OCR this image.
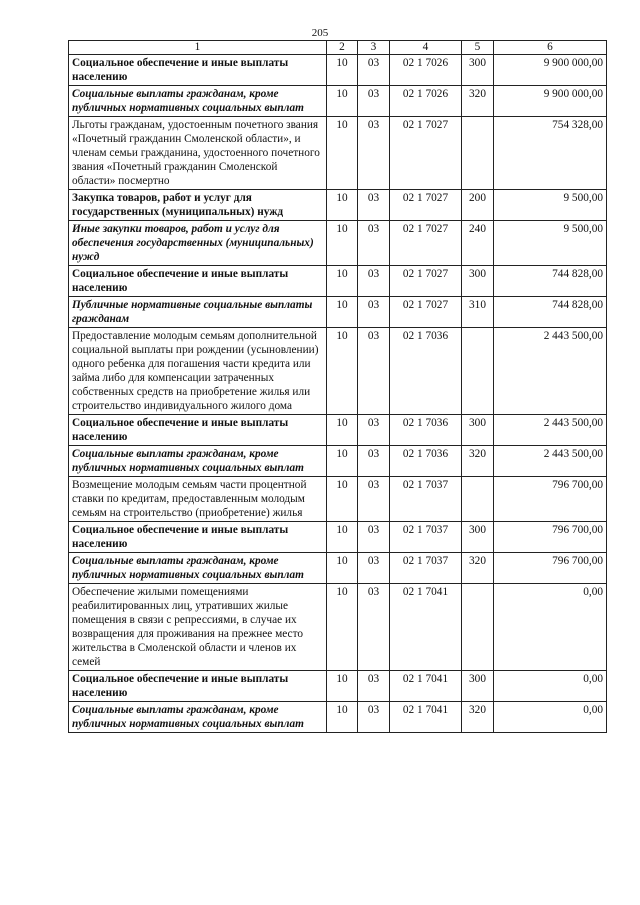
205
1	2	3	4	5	6
Социальное обеспечение и иные выплаты населению	10	03	02 1 7026	300	9 900 000,00
Социальные выплаты гражданам, кроме публичных нормативных социальных выплат	10	03	02 1 7026	320	9 900 000,00
Льготы гражданам, удостоенным почетного звания «Почетный гражданин Смоленской области», и членам семьи гражданина, удостоенного почетного звания «Почетный гражданин Смоленской области» посмертно	10	03	02 1 7027		754 328,00
Закупка товаров, работ и услуг для государственных (муниципальных) нужд	10	03	02 1 7027	200	9 500,00
Иные закупки товаров, работ и услуг для обеспечения государственных (муниципальных) нужд	10	03	02 1 7027	240	9 500,00
Социальное обеспечение и иные выплаты населению	10	03	02 1 7027	300	744 828,00
Публичные нормативные социальные выплаты гражданам	10	03	02 1 7027	310	744 828,00
Предоставление молодым семьям дополнительной социальной выплаты при рождении (усыновлении) одного ребенка для погашения части кредита или займа либо для компенсации затраченных собственных средств на приобретение жилья или строительство индивидуального жилого дома	10	03	02 1 7036		2 443 500,00
Социальное обеспечение и иные выплаты населению	10	03	02 1 7036	300	2 443 500,00
Социальные выплаты гражданам, кроме публичных нормативных социальных выплат	10	03	02 1 7036	320	2 443 500,00
Возмещение молодым семьям части процентной ставки по кредитам, предоставленным молодым семьям на строительство (приобретение) жилья	10	03	02 1 7037		796 700,00
Социальное обеспечение и иные выплаты населению	10	03	02 1 7037	300	796 700,00
Социальные выплаты гражданам, кроме публичных нормативных социальных выплат	10	03	02 1 7037	320	796 700,00
Обеспечение жилыми помещениями реабилитированных лиц, утративших жилые помещения в связи с репрессиями, в случае их возвращения для проживания на прежнее место жительства в Смоленской области и членов их семей	10	03	02 1 7041		0,00
Социальное обеспечение и иные выплаты населению	10	03	02 1 7041	300	0,00
Социальные выплаты гражданам, кроме публичных нормативных социальных выплат	10	03	02 1 7041	320	0,00
